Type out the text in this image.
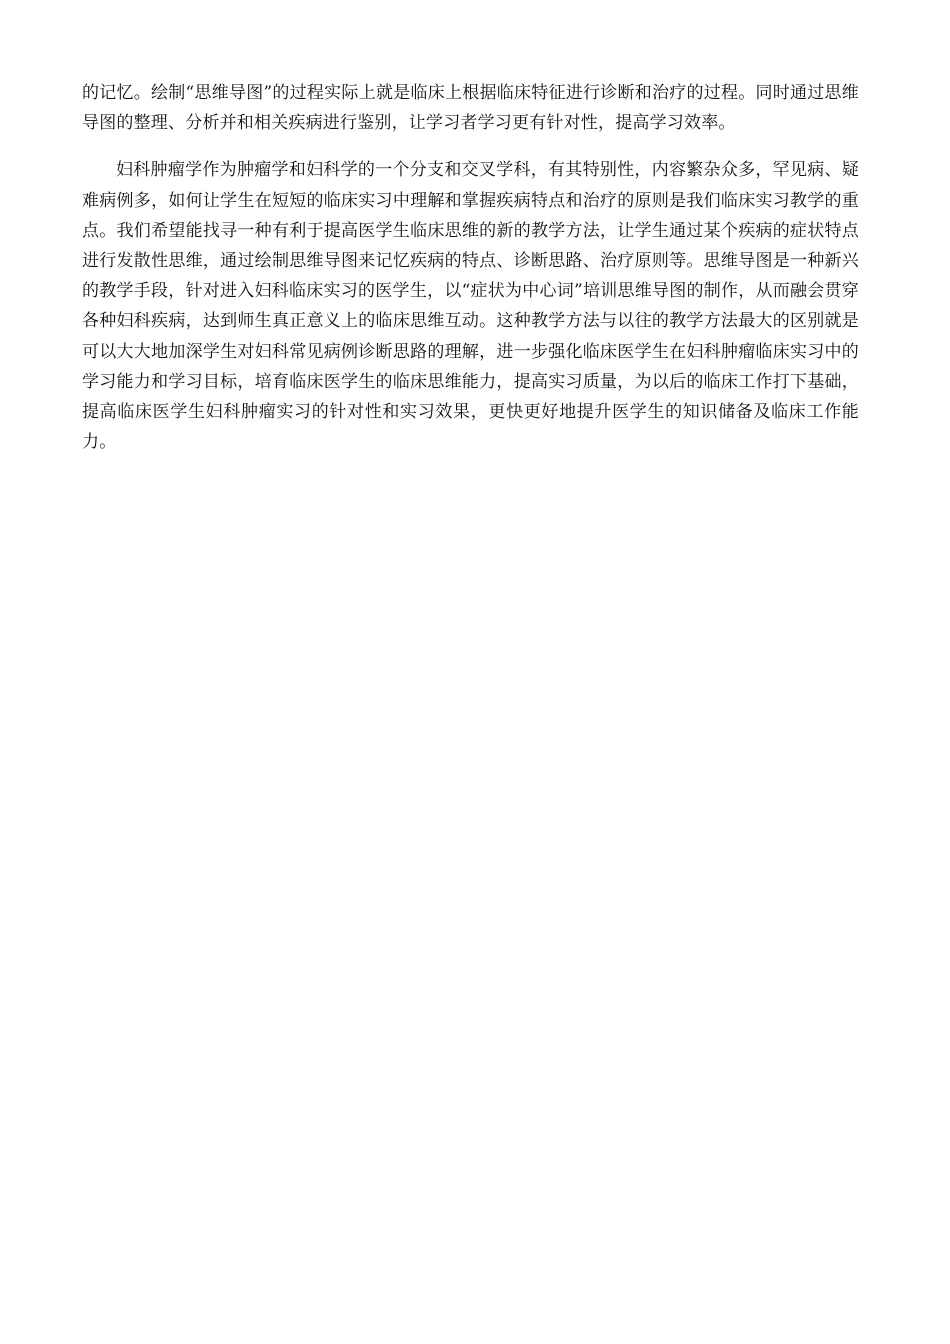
的记忆。绘制“思维导图”的过程实际上就是临床上根据临床特征进行诊断和治疗的过程。同时通过思维导图的整理、分析并和相关疾病进行鉴别，让学习者学习更有针对性，提高学习效率。

妇科肿瘤学作为肿瘤学和妇科学的一个分支和交叉学科，有其特别性，内容繁杂众多，罕见病、疑难病例多，如何让学生在短短的临床实习中理解和掌握疾病特点和治疗的原则是我们临床实习教学的重点。我们希望能找寻一种有利于提高医学生临床思维的新的教学方法，让学生通过某个疾病的症状特点进行发散性思维，通过绘制思维导图来记忆疾病的特点、诊断思路、治疗原则等。思维导图是一种新兴的教学手段，针对进入妇科临床实习的医学生，以“症状为中心词”培训思维导图的制作，从而融会贯穿各种妇科疾病，达到师生真正意义上的临床思维互动。这种教学方法与以往的教学方法最大的区别就是可以大大地加深学生对妇科常见病例诊断思路的理解，进一步强化临床医学生在妇科肿瘤临床实习中的学习能力和学习目标，培育临床医学生的临床思维能力，提高实习质量，为以后的临床工作打下基础，提高临床医学生妇科肿瘤实习的针对性和实习效果，更快更好地提升医学生的知识储备及临床工作能力。
